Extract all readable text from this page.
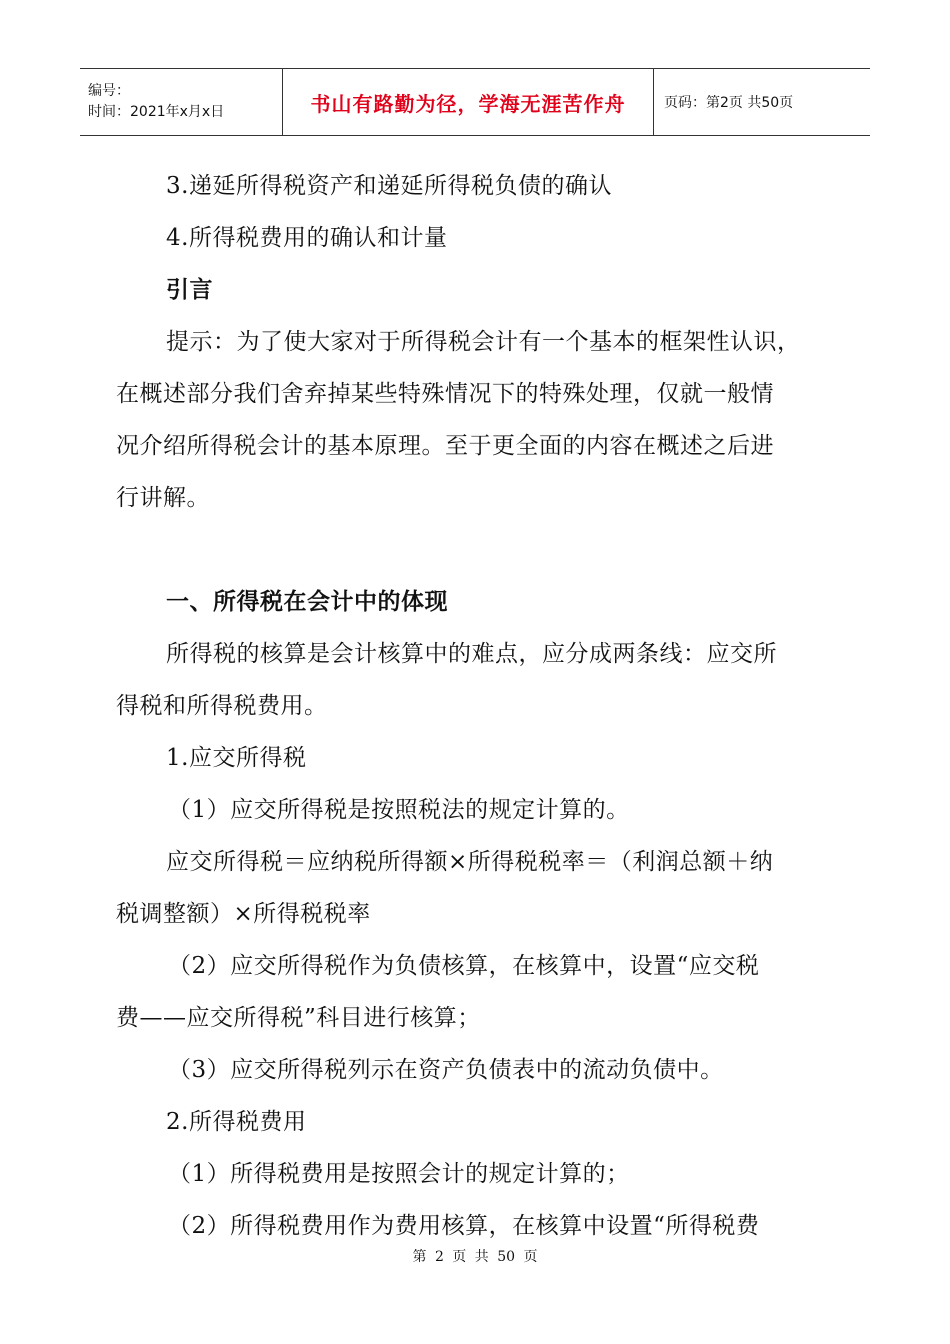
编号：
时间：2021年x月x日	书山有路勤为径，学海无涯苦作舟	页码：第2页 共50页
3.递延所得税资产和递延所得税负债的确认
4.所得税费用的确认和计量
引言
提示：为了使大家对于所得税会计有一个基本的框架性认识，
在概述部分我们舍弃掉某些特殊情况下的特殊处理，仅就一般情
况介绍所得税会计的基本原理。至于更全面的内容在概述之后进
行讲解。
一、所得税在会计中的体现
所得税的核算是会计核算中的难点，应分成两条线：应交所
得税和所得税费用。
1.应交所得税
（1）应交所得税是按照税法的规定计算的。
应交所得税＝应纳税所得额×所得税税率＝（利润总额＋纳
税调整额）×所得税税率
（2）应交所得税作为负债核算，在核算中，设置“应交税
费——应交所得税”科目进行核算；
（3）应交所得税列示在资产负债表中的流动负债中。
2.所得税费用
（1）所得税费用是按照会计的规定计算的；
（2）所得税费用作为费用核算，在核算中设置“所得税费
第 2 页 共 50 页
